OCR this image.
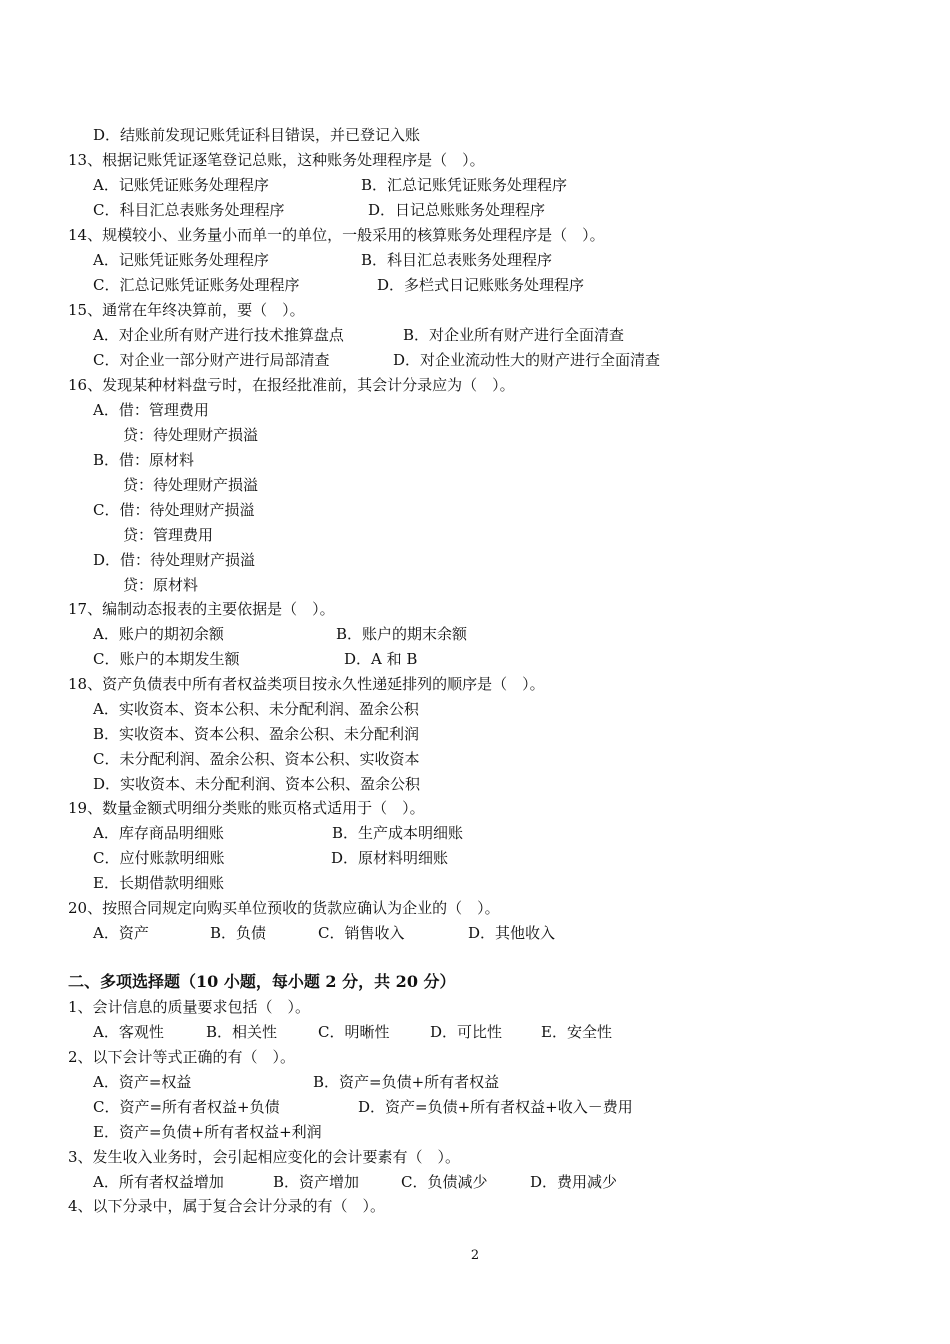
D．结账前发现记账凭证科目错误，并已登记入账
13、根据记账凭证逐笔登记总账，这种账务处理程序是（　）。
A．记账凭证账务处理程序	B．汇总记账凭证账务处理程序
C．科目汇总表账务处理程序	D．日记总账账务处理程序
14、规模较小、业务量小而单一的单位，一般采用的核算账务处理程序是（　）。
A．记账凭证账务处理程序	B．科目汇总表账务处理程序
C．汇总记账凭证账务处理程序	D．多栏式日记账账务处理程序
15、通常在年终决算前，要（　）。
A．对企业所有财产进行技术推算盘点	B．对企业所有财产进行全面清查
C．对企业一部分财产进行局部清查	D．对企业流动性大的财产进行全面清查
16、发现某种材料盘亏时，在报经批准前，其会计分录应为（　）。
A．借：管理费用
贷：待处理财产损溢
B．借：原材料
贷：待处理财产损溢
C．借：待处理财产损溢
贷：管理费用
D．借：待处理财产损溢
贷：原材料
17、编制动态报表的主要依据是（　）。
A．账户的期初余额	B．账户的期末余额
C．账户的本期发生额	D．A 和 B
18、资产负债表中所有者权益类项目按永久性递延排列的顺序是（　）。
A．实收资本、资本公积、未分配利润、盈余公积
B．实收资本、资本公积、盈余公积、未分配利润
C．未分配利润、盈余公积、资本公积、实收资本
D．实收资本、未分配利润、资本公积、盈余公积
19、数量金额式明细分类账的账页格式适用于（　）。
A．库存商品明细账	B．生产成本明细账
C．应付账款明细账	D．原材料明细账
E．长期借款明细账
20、按照合同规定向购买单位预收的货款应确认为企业的（　）。
A．资产	B．负债	C．销售收入	D．其他收入
二、多项选择题（10 小题，每小题 2 分，共 20 分）
1、会计信息的质量要求包括（　）。
A．客观性	B．相关性	C．明晰性	D．可比性	E．安全性
2、以下会计等式正确的有（　）。
A．资产=权益	B．资产=负债+所有者权益
C．资产=所有者权益+负债	D．资产=负债+所有者权益+收入－费用
E．资产=负债+所有者权益+利润
3、发生收入业务时，会引起相应变化的会计要素有（　）。
A．所有者权益增加	B．资产增加	C．负债减少	D．费用减少
4、以下分录中，属于复合会计分录的有（　）。
2
